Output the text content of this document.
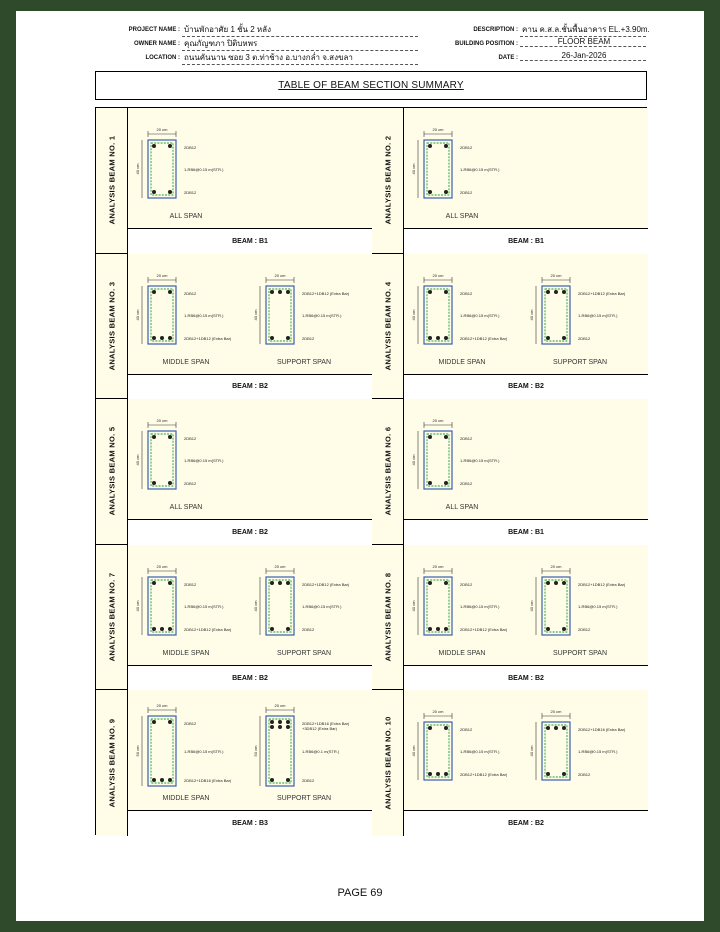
PROJECT NAME : บ้านพักอาศัย 1 ชั้น 2 หลัง
OWNER NAME : คุณกัญฑภา ปิติบหพร
LOCATION : ถนนคันนาน ซอย 3 ต.ท่าช้าง อ.บางกล่ำ จ.สงขลา
DESCRIPTION : คาน ค.ส.ล.ชั้นพื้นอาคาร EL.+3.90m.
BUILDING POSITION :	FLOOR BEAM
DATE :	26-Jan-2026
TABLE OF BEAM SECTION SUMMARY
ANALYSIS BEAM NO. 1
20 cm
40 cm
2DB12
1-RB6@0.15 m(STR.)
2DB12
ALL SPAN
BEAM : B1
ANALYSIS BEAM NO. 2
20 cm
40 cm
2DB12
1-RB6@0.15 m(STR.)
2DB12
ALL SPAN
BEAM : B1
ANALYSIS BEAM NO. 3
20 cm
40 cm
2DB12
1-RB6@0.15 m(STR.)
2DB12+1DB12 (Extra Bar)
20 cm
40 cm
2DB12+1DB12 (Extra Bar)
1-RB6@0.15 m(STR.)
2DB12
MIDDLE SPAN	SUPPORT SPAN
BEAM : B2
ANALYSIS BEAM NO. 4
20 cm
40 cm
2DB12
1-RB6@0.15 m(STR.)
2DB12+1DB12 (Extra Bar)
20 cm
40 cm
2DB12+1DB12 (Extra Bar)
1-RB6@0.15 m(STR.)
2DB12
MIDDLE SPAN	SUPPORT SPAN
BEAM : B2
ANALYSIS BEAM NO. 5
20 cm
40 cm
2DB12
1-RB6@0.15 m(STR.)
2DB12
ALL SPAN
BEAM : B2
ANALYSIS BEAM NO. 6
20 cm
40 cm
2DB12
1-RB6@0.15 m(STR.)
2DB12
ALL SPAN
BEAM : B1
ANALYSIS BEAM NO. 7
20 cm
40 cm
2DB12
1-RB6@0.15 m(STR.)
2DB12+1DB12 (Extra Bar)
20 cm
40 cm
2DB12+1DB12 (Extra Bar)
1-RB6@0.15 m(STR.)
2DB12
MIDDLE SPAN	SUPPORT SPAN
BEAM : B2
ANALYSIS BEAM NO. 8
20 cm
40 cm
2DB12
1-RB6@0.15 m(STR.)
2DB12+1DB12 (Extra Bar)
20 cm
40 cm
2DB12+1DB12 (Extra Bar)
1-RB6@0.15 m(STR.)
2DB12
MIDDLE SPAN	SUPPORT SPAN
BEAM : B2
ANALYSIS BEAM NO. 9
20 cm
50 cm
2DB12
1-RB6@0.15 m(STR.)
2DB12+1DB16 (Extra Bar)
20 cm
50 cm
2DB12+1DB16 (Extra Bar)
+3DB12 (Extra Bar)
1-RB6@0.1 m(STR.)
2DB12
MIDDLE SPAN	SUPPORT SPAN
BEAM : B3
ANALYSIS BEAM NO. 10
20 cm
40 cm
2DB12
1-RB6@0.15 m(STR.)
2DB12+1DB12 (Extra Bar)
20 cm
40 cm
2DB12+1DB16 (Extra Bar)
1-RB6@0.15 m(STR.)
2DB12
BEAM : B2
PAGE 69
